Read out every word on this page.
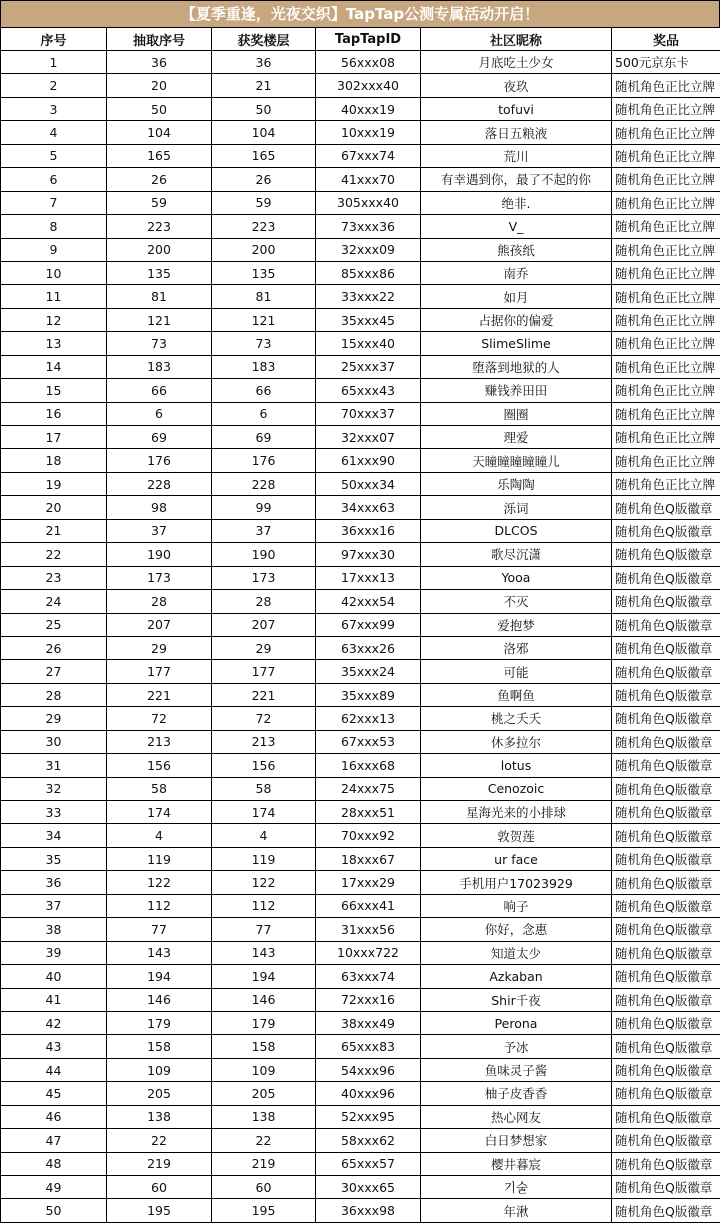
【夏季重逢，光夜交织】TapTap公测专属活动开启！
序号	抽取序号	获奖楼层	TapTapID	社区昵称	奖品
1	36	36	56xxx08	月底吃土少女	500元京东卡
2	20	21	302xxx40	夜玖	随机角色正比立牌
3	50	50	40xxx19	tofuvi	随机角色正比立牌
4	104	104	10xxx19	落日五粮液	随机角色正比立牌
5	165	165	67xxx74	荒川	随机角色正比立牌
6	26	26	41xxx70	有幸遇到你，最了不起的你	随机角色正比立牌
7	59	59	305xxx40	绝非.	随机角色正比立牌
8	223	223	73xxx36	V_	随机角色正比立牌
9	200	200	32xxx09	熊孩纸	随机角色正比立牌
10	135	135	85xxx86	南乔	随机角色正比立牌
11	81	81	33xxx22	如月	随机角色正比立牌
12	121	121	35xxx45	占据你的偏爱	随机角色正比立牌
13	73	73	15xxx40	SlimeSlime	随机角色正比立牌
14	183	183	25xxx37	堕落到地狱的人	随机角色正比立牌
15	66	66	65xxx43	赚钱养田田	随机角色正比立牌
16	6	6	70xxx37	圈圈	随机角色正比立牌
17	69	69	32xxx07	理爱	随机角色正比立牌
18	176	176	61xxx90	天瞳瞳瞳瞳瞳儿	随机角色正比立牌
19	228	228	50xxx34	乐陶陶	随机角色正比立牌
20	98	99	34xxx63	泺词	随机角色Q版徽章
21	37	37	36xxx16	DLCOS	随机角色Q版徽章
22	190	190	97xxx30	歌尽沉潇	随机角色Q版徽章
23	173	173	17xxx13	Yooa	随机角色Q版徽章
24	28	28	42xxx54	不灭	随机角色Q版徽章
25	207	207	67xxx99	爱抱梦	随机角色Q版徽章
26	29	29	63xxx26	洛邪	随机角色Q版徽章
27	177	177	35xxx24	可能	随机角色Q版徽章
28	221	221	35xxx89	鱼啊鱼	随机角色Q版徽章
29	72	72	62xxx13	桃之夭夭	随机角色Q版徽章
30	213	213	67xxx53	休多拉尔	随机角色Q版徽章
31	156	156	16xxx68	lotus	随机角色Q版徽章
32	58	58	24xxx75	Cenozoic	随机角色Q版徽章
33	174	174	28xxx51	星海光来的小排球	随机角色Q版徽章
34	4	4	70xxx92	敦贺莲	随机角色Q版徽章
35	119	119	18xxx67	ur face	随机角色Q版徽章
36	122	122	17xxx29	手机用户17023929	随机角色Q版徽章
37	112	112	66xxx41	响子	随机角色Q版徽章
38	77	77	31xxx56	你好，念惠	随机角色Q版徽章
39	143	143	10xxx722	知道太少	随机角色Q版徽章
40	194	194	63xxx74	Azkaban	随机角色Q版徽章
41	146	146	72xxx16	Shir千夜	随机角色Q版徽章
42	179	179	38xxx49	Perona	随机角色Q版徽章
43	158	158	65xxx83	予冰	随机角色Q版徽章
44	109	109	54xxx96	鱼味灵子酱	随机角色Q版徽章
45	205	205	40xxx96	柚子皮香香	随机角色Q版徽章
46	138	138	52xxx95	热心网友	随机角色Q版徽章
47	22	22	58xxx62	白日梦想家	随机角色Q版徽章
48	219	219	65xxx57	樱井暮宸	随机角色Q版徽章
49	60	60	30xxx65	기술	随机角色Q版徽章
50	195	195	36xxx98	年湫	随机角色Q版徽章
